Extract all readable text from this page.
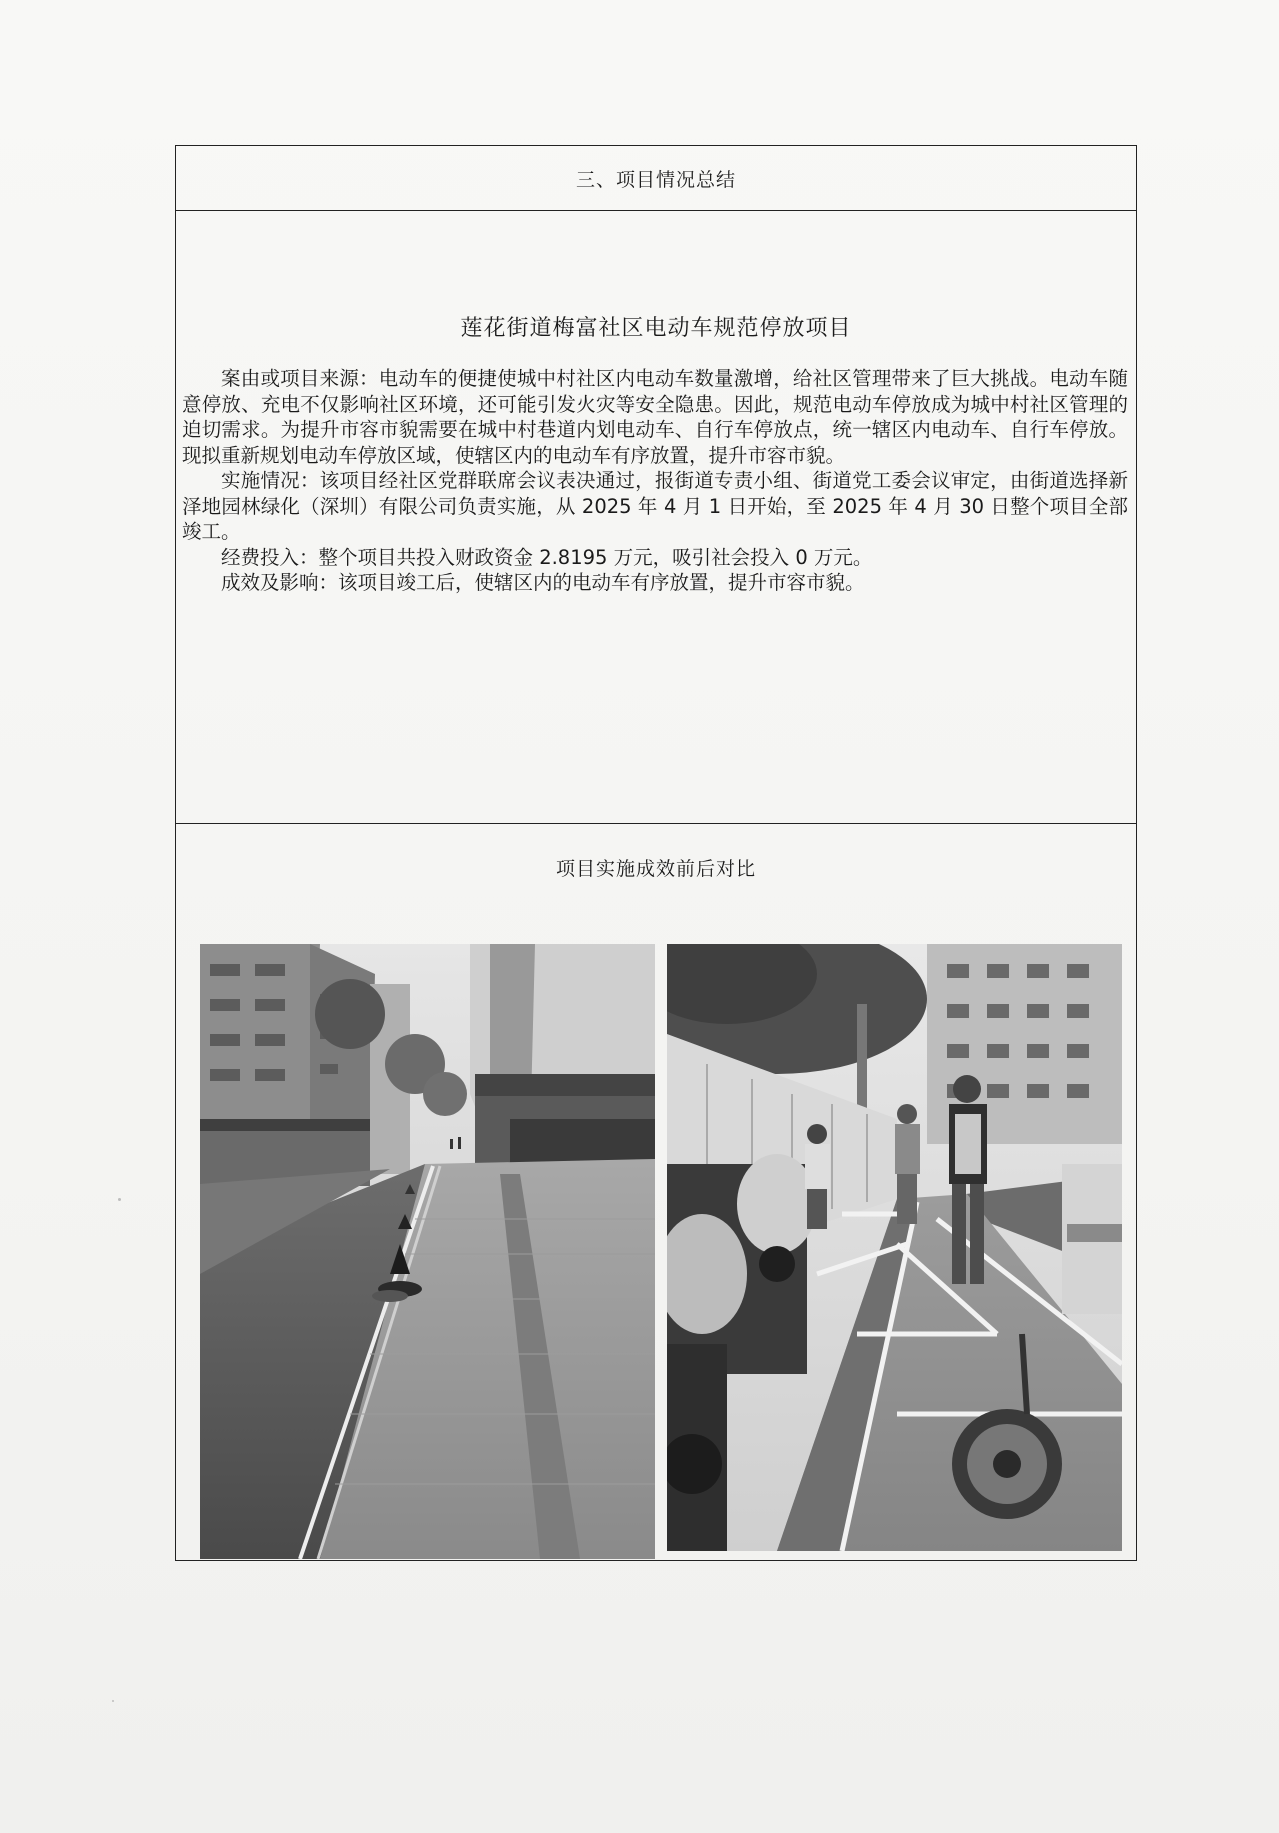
三、项目情况总结
莲花街道梅富社区电动车规范停放项目

案由或项目来源：电动车的便捷使城中村社区内电动车数量激增，给社区管理带来了巨大挑战。电动车随意停放、充电不仅影响社区环境，还可能引发火灾等安全隐患。因此，规范电动车停放成为城中村社区管理的迫切需求。为提升市容市貌需要在城中村巷道内划电动车、自行车停放点，统一辖区内电动车、自行车停放。现拟重新规划电动车停放区域，使辖区内的电动车有序放置，提升市容市貌。

实施情况：该项目经社区党群联席会议表决通过，报街道专责小组、街道党工委会议审定，由街道选择新泽地园林绿化（深圳）有限公司负责实施，从 2025 年 4 月 1 日开始，至 2025 年 4 月 30 日整个项目全部竣工。

经费投入：整个项目共投入财政资金 2.8195 万元，吸引社会投入 0 万元。

成效及影响：该项目竣工后，使辖区内的电动车有序放置，提升市容市貌。

项目实施成效前后对比
